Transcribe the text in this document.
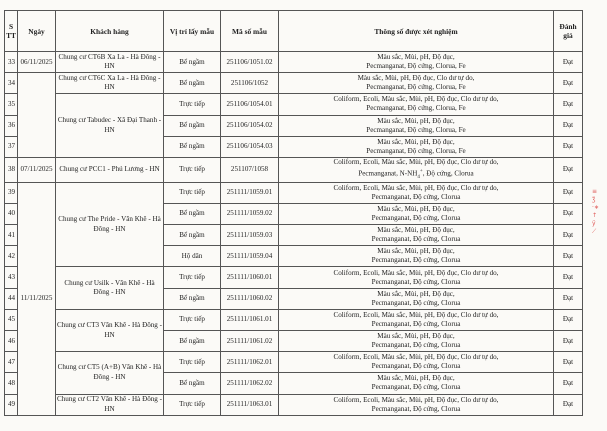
S TT	Ngày	Khách hàng	Vị trí lấy mẫu	Mã số mẫu	Thông số được xét nghiệm	Đánh giá
33	06/11/2025	Chung cư CT6B Xa La - Hà Đông - HN	Bể ngầm	251106/1051.02	Màu sắc, Mùi, pH, Độ đục,
Pecmanganat, Độ cứng, Clorua, Fe	Đạt
34		Chung cư CT6C Xa La - Hà Đông - HN	Bể ngầm	251106/1052	Màu sắc, Mùi, pH, Độ đục, Clo dư tự do,
Pecmanganat, Độ cứng, Clorua, Fe	Đạt
35		Chung cư Tabudec - Xã Đại Thanh - HN	Trực tiếp	251106/1054.01	Coliform, Ecoli, Màu sắc, Mùi, pH, Độ đục, Clo dư tự do,
Pecmanganat, Độ cứng, Clorua, Fe	Đạt
36			Bể ngầm	251106/1054.02	Màu sắc, Mùi, pH, Độ đục,
Pecmanganat, Độ cứng, Clorua, Fe	Đạt
37			Bể ngầm	251106/1054.03	Màu sắc, Mùi, pH, Độ đục,
Pecmanganat, Độ cứng, Clorua, Fe	Đạt
38	07/11/2025	Chung cư PCC1 - Phú Lương - HN	Trực tiếp	251107/1058	Coliform, Ecoli, Màu sắc, Mùi, pH, Độ đục, Clo dư tự do,
Pecmanganat, $N-NH_4^+$, Độ cứng, Clorua	Đạt
39	11/11/2025	Chung cư The Pride - Văn Khê - Hà Đông - HN	Trực tiếp	251111/1059.01	Coliform, Ecoli, Màu sắc, Mùi, pH, Độ đục, Clo dư tự do,
Pecmanganat, Độ cứng, Clorua	Đạt
40			Bể ngầm	251111/1059.02	Màu sắc, Mùi, pH, Độ đục,
Pecmanganat, Độ cứng, Clorua	Đạt
41			Bể ngầm	251111/1059.03	Màu sắc, Mùi, pH, Độ đục,
Pecmanganat, Độ cứng, Clorua	Đạt
42			Hộ dân	251111/1059.04	Màu sắc, Mùi, pH, Độ đục,
Pecmanganat, Độ cứng, Clorua	Đạt
43		Chung cư Usilk - Văn Khê - Hà Đông - HN	Trực tiếp	251111/1060.01	Coliform, Ecoli, Màu sắc, Mùi, pH, Độ đục, Clo dư tự do,
Pecmanganat, Độ cứng, Clorua	Đạt
44			Bể ngầm	251111/1060.02	Màu sắc, Mùi, pH, Độ đục,
Pecmanganat, Độ cứng, Clorua	Đạt
45		Chung cư CT3 Văn Khê - Hà Đông - HN	Trực tiếp	251111/1061.01	Coliform, Ecoli, Màu sắc, Mùi, pH, Độ đục, Clo dư tự do,
Pecmanganat, Độ cứng, Clorua	Đạt
46			Bể ngầm	251111/1061.02	Màu sắc, Mùi, pH, Độ đục,
Pecmanganat, Độ cứng, Clorua	Đạt
47		Chung cư CT5 (A+B) Văn Khê - Hà Đông - HN	Trực tiếp	251111/1062.01	Coliform, Ecoli, Màu sắc, Mùi, pH, Độ đục, Clo dư tự do,
Pecmanganat, Độ cứng, Clorua	Đạt
48			Bể ngầm	251111/1062.02	Màu sắc, Mùi, pH, Độ đục,
Pecmanganat, Độ cứng, Clorua	Đạt
49		Chung cư CT2 Văn Khê - Hà Đông - HN	Trực tiếp	251111/1063.01	Coliform, Ecoli, Màu sắc, Mùi, pH, Độ đục, Clo dư tự do,
Pecmanganat, Độ cứng, Clorua	Đạt
≡
ʒ̈
·∗
↑
ÿ
⟋
